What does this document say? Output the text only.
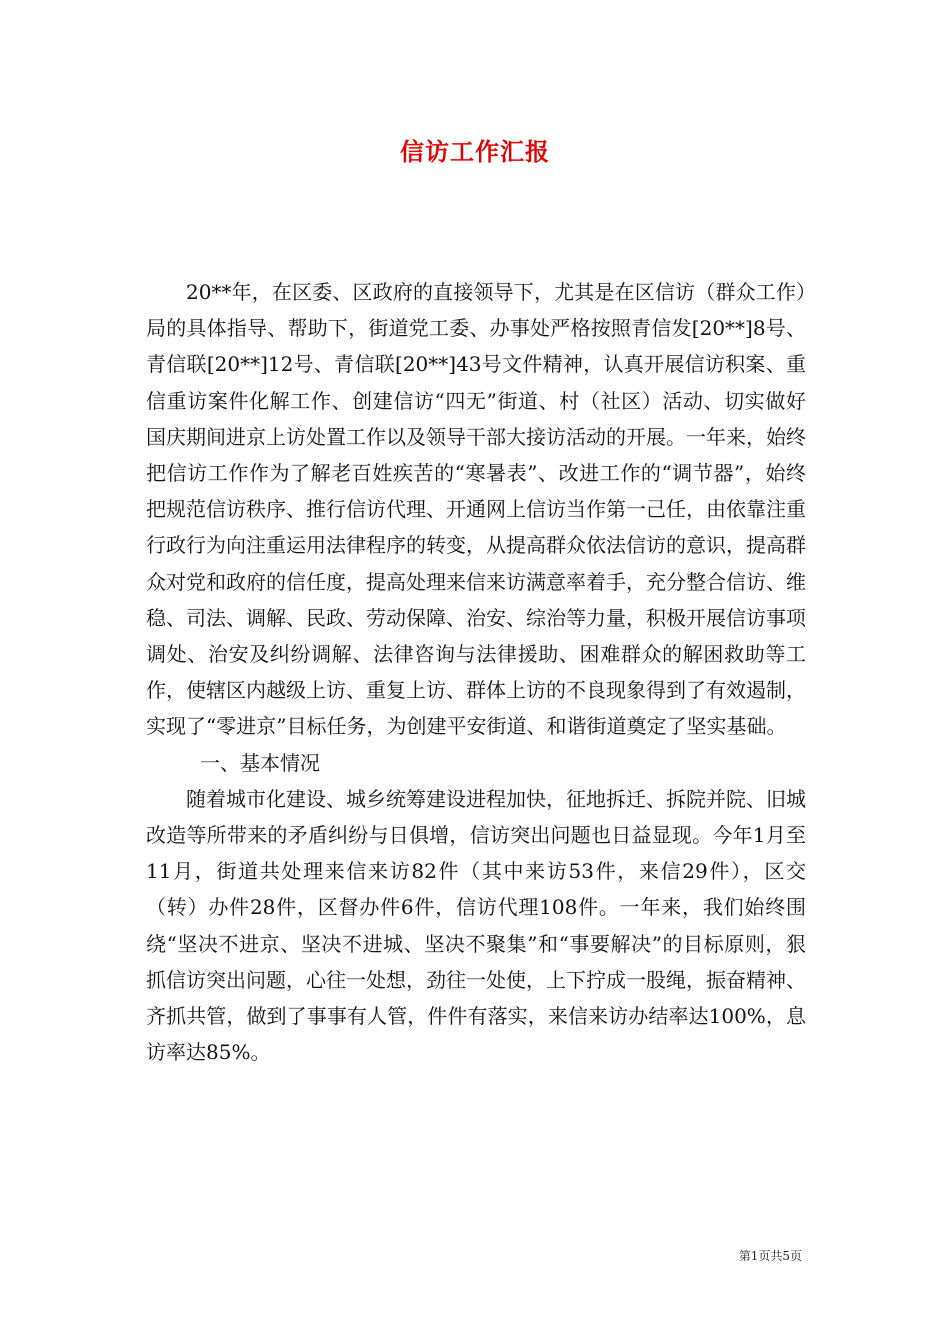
信访工作汇报

20**年，在区委、区政府的直接领导下，尤其是在区信访（群众工作）局的具体指导、帮助下，街道党工委、办事处严格按照青信发[20**]8号、青信联[20**]12号、青信联[20**]43号文件精神，认真开展信访积案、重信重访案件化解工作、创建信访“四无”街道、村（社区）活动、切实做好国庆期间进京上访处置工作以及领导干部大接访活动的开展。一年来，始终把信访工作作为了解老百姓疾苦的“寒暑表”、改进工作的“调节器”，始终把规范信访秩序、推行信访代理、开通网上信访当作第一己任，由依靠注重行政行为向注重运用法律程序的转变，从提高群众依法信访的意识，提高群众对党和政府的信任度，提高处理来信来访满意率着手，充分整合信访、维稳、司法、调解、民政、劳动保障、治安、综治等力量，积极开展信访事项调处、治安及纠纷调解、法律咨询与法律援助、困难群众的解困救助等工作，使辖区内越级上访、重复上访、群体上访的不良现象得到了有效遏制，实现了“零进京”目标任务，为创建平安街道、和谐街道奠定了坚实基础。

一、基本情况

随着城市化建设、城乡统筹建设进程加快，征地拆迁、拆院并院、旧城改造等所带来的矛盾纠纷与日俱增，信访突出问题也日益显现。今年1月至11月，街道共处理来信来访82件（其中来访53件，来信29件），区交（转）办件28件，区督办件6件，信访代理108件。一年来，我们始终围绕“坚决不进京、坚决不进城、坚决不聚集”和“事要解决”的目标原则，狠抓信访突出问题，心往一处想，劲往一处使，上下拧成一股绳，振奋精神、齐抓共管，做到了事事有人管，件件有落实，来信来访办结率达100%，息访率达85%。

第1页共5页
